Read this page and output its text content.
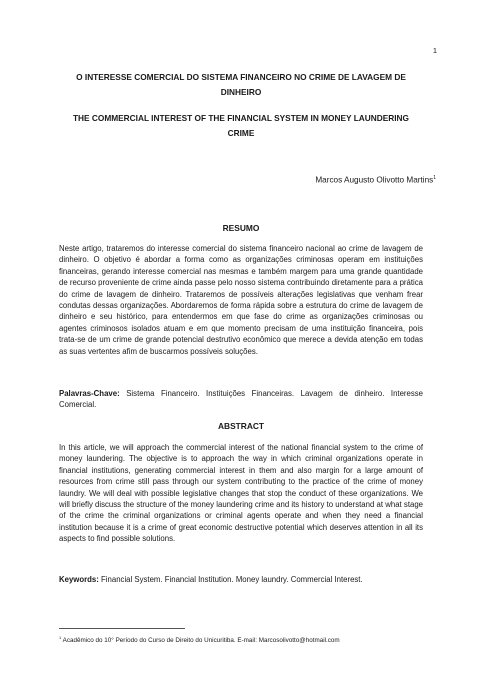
1
O INTERESSE COMERCIAL DO SISTEMA FINANCEIRO NO CRIME DE LAVAGEM DE DINHEIRO
THE COMMERCIAL INTEREST OF THE FINANCIAL SYSTEM IN MONEY LAUNDERING CRIME
Marcos Augusto Olivotto Martins$^1$
RESUMO

Neste artigo, trataremos do interesse comercial do sistema financeiro nacional ao crime de lavagem de dinheiro. O objetivo é abordar a forma como as organizações criminosas operam em instituições financeiras, gerando interesse comercial nas mesmas e também margem para uma grande quantidade de recurso proveniente de crime ainda passe pelo nosso sistema contribuindo diretamente para a prática do crime de lavagem de dinheiro. Trataremos de possíveis alterações legislativas que venham frear condutas dessas organizações. Abordaremos de forma rápida sobre a estrutura do crime de lavagem de dinheiro e seu histórico, para entendermos em que fase do crime as organizações criminosas ou agentes criminosos isolados atuam e em que momento precisam de uma instituição financeira, pois trata-se de um crime de grande potencial destrutivo econômico que merece a devida atenção em todas as suas vertentes afim de buscarmos possíveis soluções.

Palavras-Chave: Sistema Financeiro. Instituições Financeiras. Lavagem de dinheiro. Interesse Comercial.

ABSTRACT

In this article, we will approach the commercial interest of the national financial system to the crime of money laundering. The objective is to approach the way in which criminal organizations operate in financial institutions, generating commercial interest in them and also margin for a large amount of resources from crime still pass through our system contributing to the practice of the crime of money laundry. We will deal with possible legislative changes that stop the conduct of these organizations. We will briefly discuss the structure of the money laundering crime and its history to understand at what stage of the crime the criminal organizations or criminal agents operate and when they need a financial institution because it is a crime of great economic destructive potential which deserves attention in all its aspects to find possible solutions.

Keywords: Financial System. Financial Institution. Money laundry. Commercial Interest.

$^1$ Acadêmico do 10° Período do Curso de Direito do Unicuritiba. E-mail: Marcosolivotto@hotmail.com
